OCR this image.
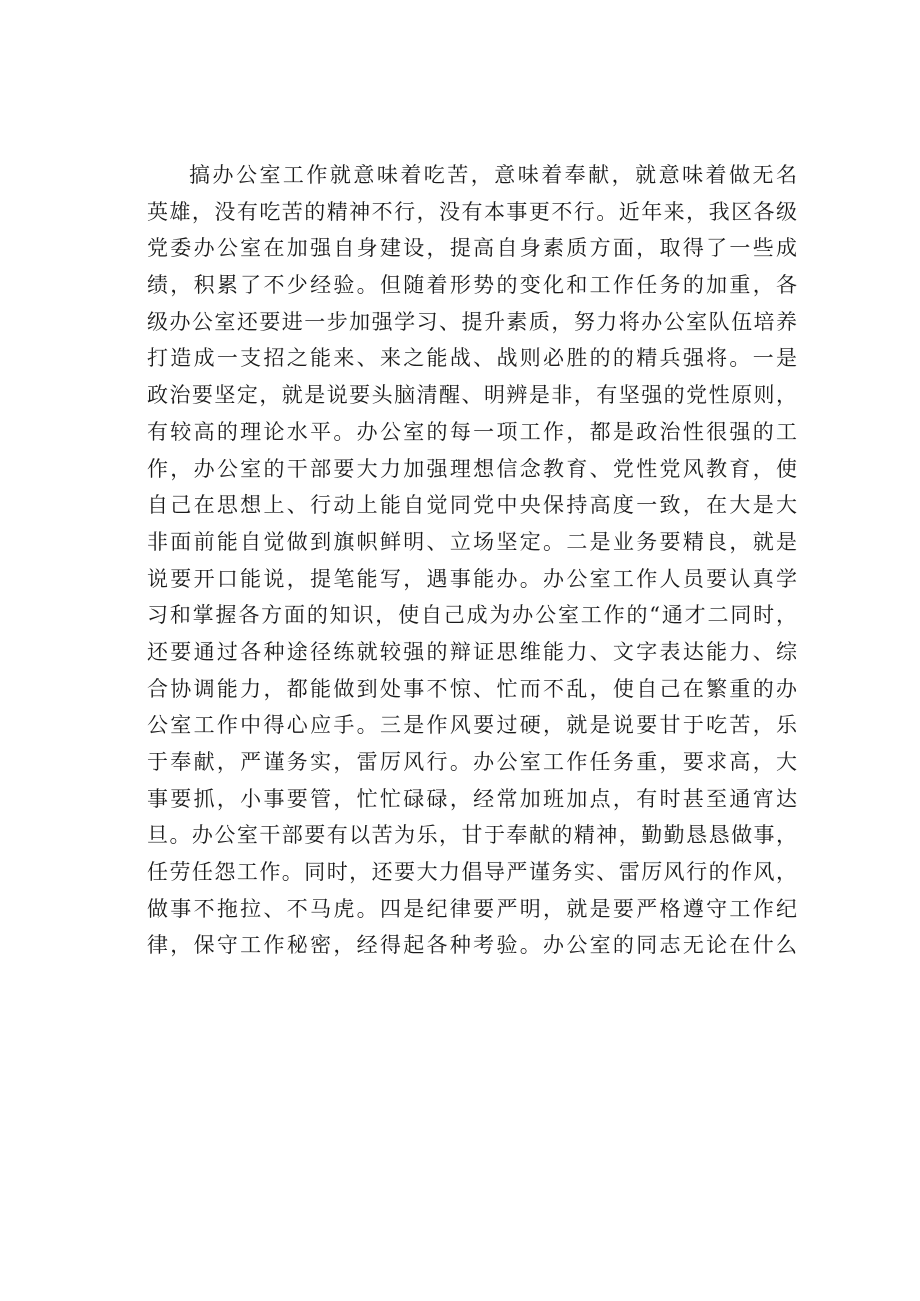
搞办公室工作就意味着吃苦，意味着奉献，就意味着做无名
英雄，没有吃苦的精神不行，没有本事更不行。近年来，我区各级
党委办公室在加强自身建设，提高自身素质方面，取得了一些成
绩，积累了不少经验。但随着形势的变化和工作任务的加重，各
级办公室还要进一步加强学习、提升素质，努力将办公室队伍培养
打造成一支招之能来、来之能战、战则必胜的的精兵强将。一是
政治要坚定，就是说要头脑清醒、明辨是非，有坚强的党性原则，
有较高的理论水平。办公室的每一项工作，都是政治性很强的工
作，办公室的干部要大力加强理想信念教育、党性党风教育，使
自己在思想上、行动上能自觉同党中央保持高度一致，在大是大
非面前能自觉做到旗帜鲜明、立场坚定。二是业务要精良，就是
说要开口能说，提笔能写，遇事能办。办公室工作人员要认真学
习和掌握各方面的知识，使自己成为办公室工作的“通才二同时，
还要通过各种途径练就较强的辩证思维能力、文字表达能力、综
合协调能力，都能做到处事不惊、忙而不乱，使自己在繁重的办
公室工作中得心应手。三是作风要过硬，就是说要甘于吃苦，乐
于奉献，严谨务实，雷厉风行。办公室工作任务重，要求高，大
事要抓，小事要管，忙忙碌碌，经常加班加点，有时甚至通宵达
旦。办公室干部要有以苦为乐，甘于奉献的精神，勤勤恳恳做事，
任劳任怨工作。同时，还要大力倡导严谨务实、雷厉风行的作风，
做事不拖拉、不马虎。四是纪律要严明，就是要严格遵守工作纪
律，保守工作秘密，经得起各种考验。办公室的同志无论在什么
